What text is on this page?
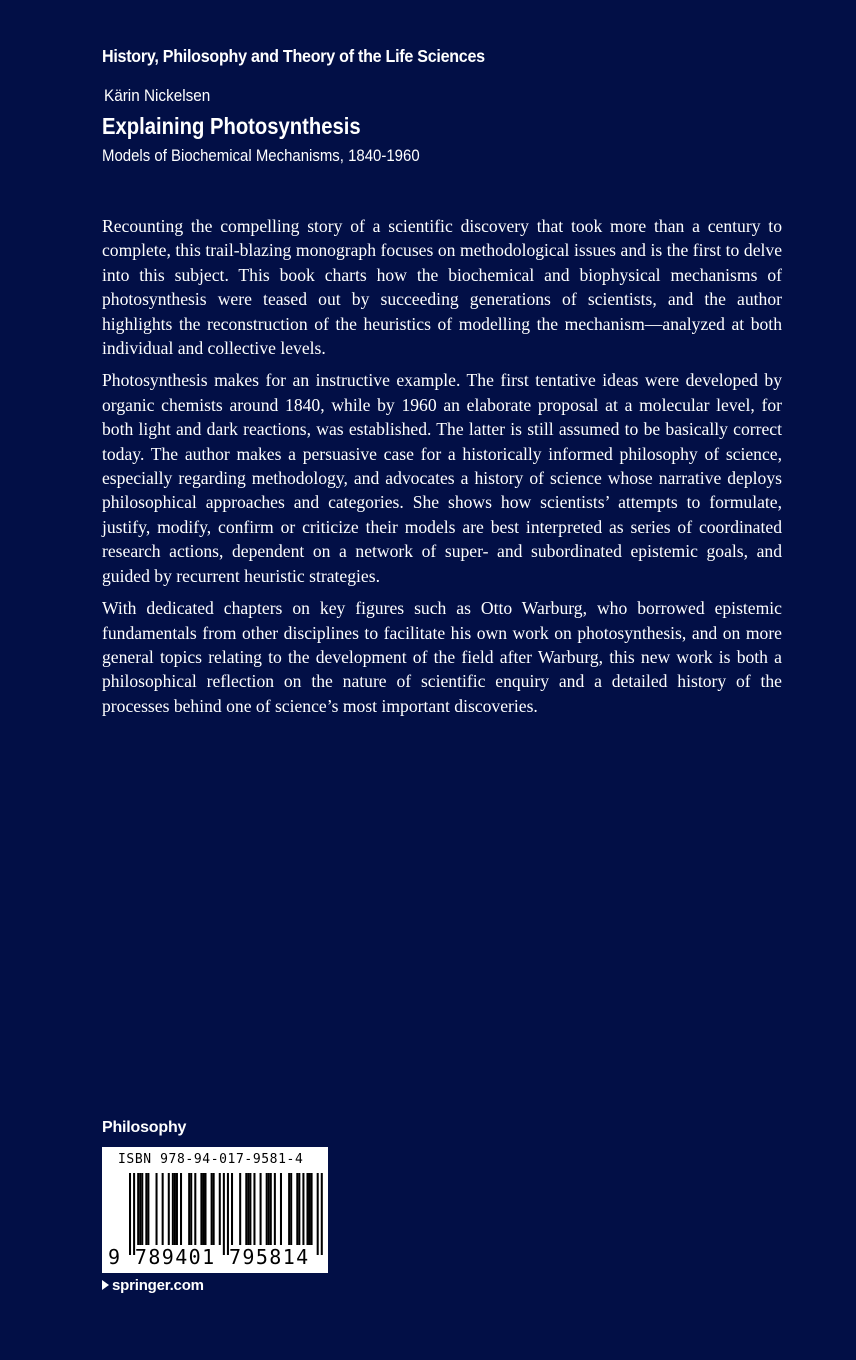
History, Philosophy and Theory of the Life Sciences
Kärin Nickelsen
Explaining Photosynthesis
Models of Biochemical Mechanisms, 1840-1960

Recounting the compelling story of a scientific discovery that took more than a century to complete, this trail-blazing monograph focuses on methodological issues and is the first to delve into this subject. This book charts how the biochemical and biophysical mechanisms of photosynthesis were teased out by succeeding generations of scientists, and the author highlights the reconstruction of the heuristics of modelling the mechanism—analyzed at both individual and collective levels.

Photosynthesis makes for an instructive example. The first tentative ideas were developed by organic chemists around 1840, while by 1960 an elaborate proposal at a molecular level, for both light and dark reactions, was established. The latter is still assumed to be basically correct today. The author makes a persuasive case for a historically informed philosophy of science, especially regarding methodology, and advocates a history of science whose narrative deploys philosophical approaches and categories. She shows how scientists’ attempts to formulate, justify, modify, confirm or criticize their models are best interpreted as series of coordinated research actions, dependent on a network of super- and subordinated epistemic goals, and guided by recurrent heuristic strategies.

With dedicated chapters on key figures such as Otto Warburg, who borrowed epistemic fundamentals from other disciplines to facilitate his own work on photosynthesis, and on more general topics relating to the development of the field after Warburg, this new work is both a philosophical reflection on the nature of scientific enquiry and a detailed history of the processes behind one of science’s most important discoveries.

Philosophy
ISBN 978-94-017-9581-4
9 789401 795814
springer.com
